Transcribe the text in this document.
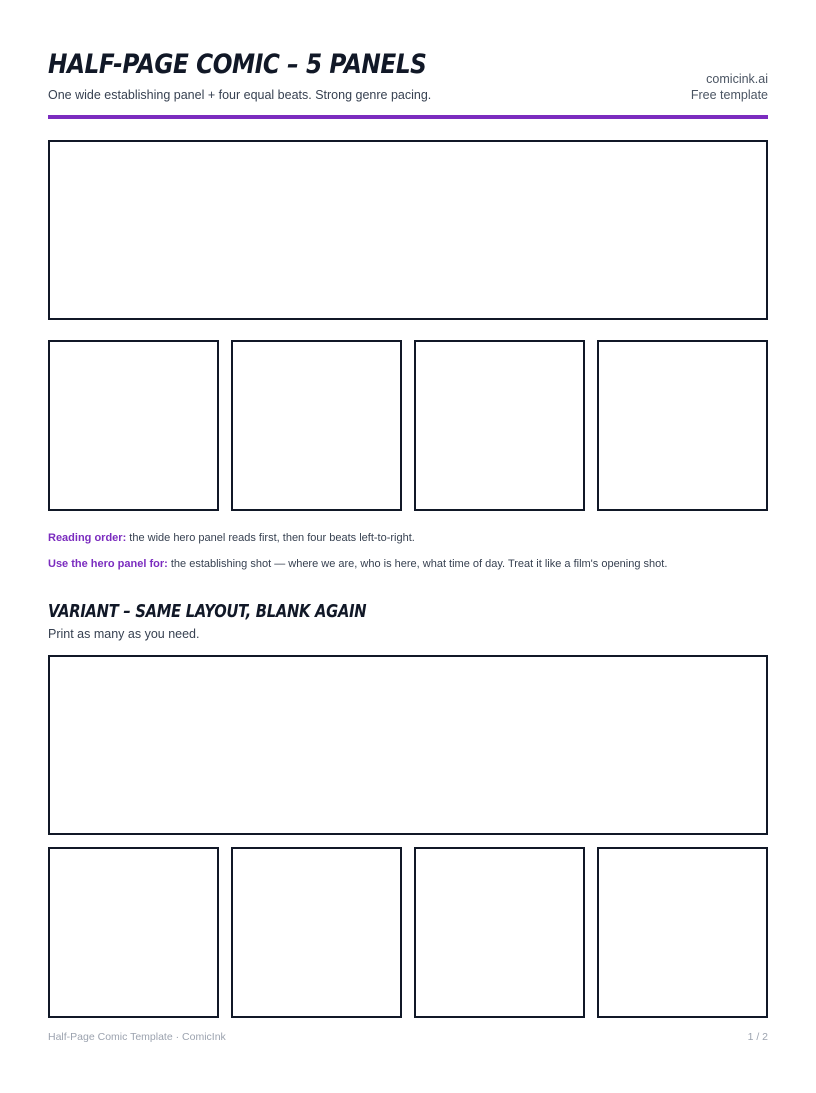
HALF-PAGE COMIC – 5 PANELS
One wide establishing panel + four equal beats. Strong genre pacing.
comicink.ai
Free template
Reading order: the wide hero panel reads first, then four beats left-to-right.
Use the hero panel for: the establishing shot — where we are, who is here, what time of day. Treat it like a film's opening shot.
VARIANT – SAME LAYOUT, BLANK AGAIN
Print as many as you need.
Half-Page Comic Template · ComicInk	1 / 2
